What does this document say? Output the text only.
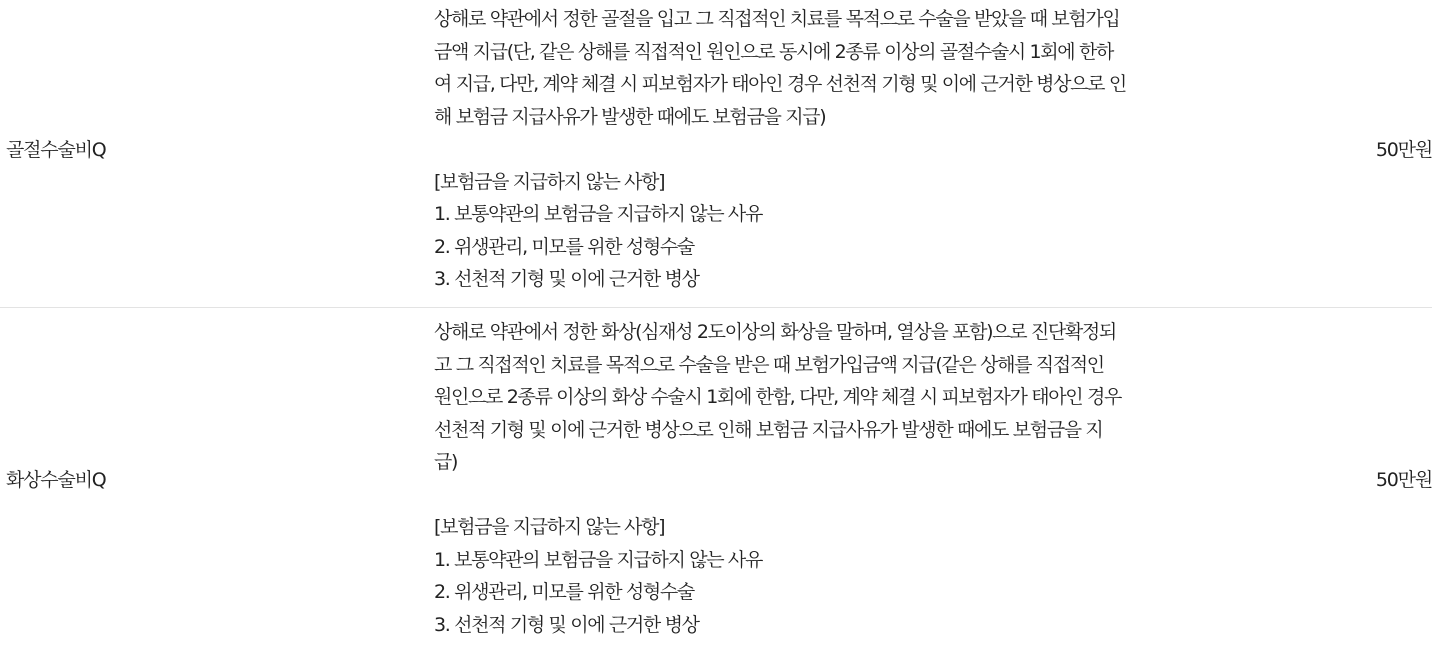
골절수술비Q
상해로 약관에서 정한 골절을 입고 그 직접적인 치료를 목적으로 수술을 받았을 때 보험가입
금액 지급(단, 같은 상해를 직접적인 원인으로 동시에 2종류 이상의 골절수술시 1회에 한하
여 지급, 다만, 계약 체결 시 피보험자가 태아인 경우 선천적 기형 및 이에 근거한 병상으로 인
해 보험금 지급사유가 발생한 때에도 보험금을 지급)
[보험금을 지급하지 않는 사항]
1. 보통약관의 보험금을 지급하지 않는 사유
2. 위생관리, 미모를 위한 성형수술
3. 선천적 기형 및 이에 근거한 병상
50만원
화상수술비Q
상해로 약관에서 정한 화상(심재성 2도이상의 화상을 말하며, 열상을 포함)으로 진단확정되
고 그 직접적인 치료를 목적으로 수술을 받은 때 보험가입금액 지급(같은 상해를 직접적인
원인으로 2종류 이상의 화상 수술시 1회에 한함, 다만, 계약 체결 시 피보험자가 태아인 경우
선천적 기형 및 이에 근거한 병상으로 인해 보험금 지급사유가 발생한 때에도 보험금을 지
급)
[보험금을 지급하지 않는 사항]
1. 보통약관의 보험금을 지급하지 않는 사유
2. 위생관리, 미모를 위한 성형수술
3. 선천적 기형 및 이에 근거한 병상
50만원
